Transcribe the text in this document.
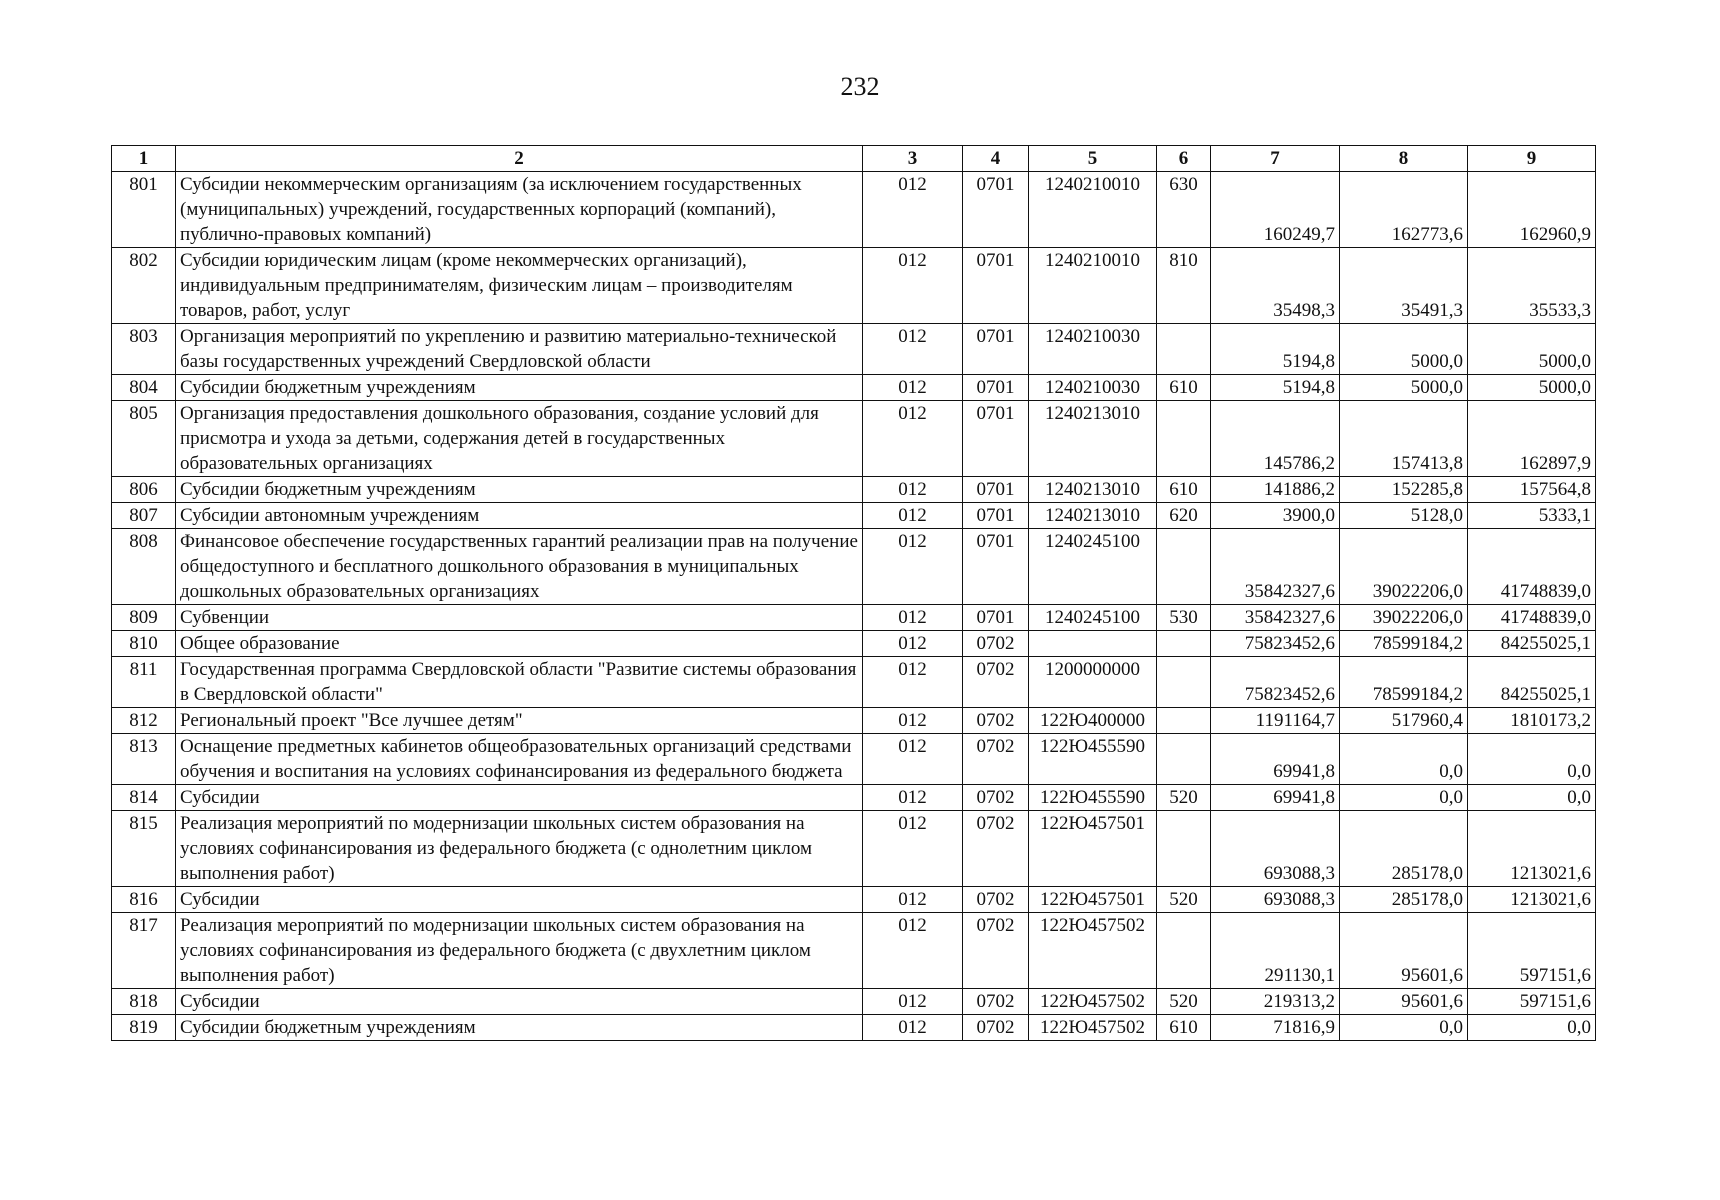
232
1	2	3	4	5	6	7	8	9
801	Субсидии некоммерческим организациям (за исключением государственных (муниципальных) учреждений, государственных корпораций (компаний), публично-правовых компаний)	012	0701	1240210010	630	160249,7	162773,6	162960,9
802	Субсидии юридическим лицам (кроме некоммерческих организаций), индивидуальным предпринимателям, физическим лицам – производителям товаров, работ, услуг	012	0701	1240210010	810	35498,3	35491,3	35533,3
803	Организация мероприятий по укреплению и развитию материально-технической базы государственных учреждений Свердловской области	012	0701	1240210030		5194,8	5000,0	5000,0
804	Субсидии бюджетным учреждениям	012	0701	1240210030	610	5194,8	5000,0	5000,0
805	Организация предоставления дошкольного образования, создание условий для присмотра и ухода за детьми, содержания детей в государственных образовательных организациях	012	0701	1240213010		145786,2	157413,8	162897,9
806	Субсидии бюджетным учреждениям	012	0701	1240213010	610	141886,2	152285,8	157564,8
807	Субсидии автономным учреждениям	012	0701	1240213010	620	3900,0	5128,0	5333,1
808	Финансовое обеспечение государственных гарантий реализации прав на получение общедоступного и бесплатного дошкольного образования в муниципальных дошкольных образовательных организациях	012	0701	1240245100		35842327,6	39022206,0	41748839,0
809	Субвенции	012	0701	1240245100	530	35842327,6	39022206,0	41748839,0
810	Общее образование	012	0702			75823452,6	78599184,2	84255025,1
811	Государственная программа Свердловской области "Развитие системы образования в Свердловской области"	012	0702	1200000000		75823452,6	78599184,2	84255025,1
812	Региональный проект "Все лучшее детям"	012	0702	122Ю400000		1191164,7	517960,4	1810173,2
813	Оснащение предметных кабинетов общеобразовательных организаций средствами обучения и воспитания на условиях софинансирования из федерального бюджета	012	0702	122Ю455590		69941,8	0,0	0,0
814	Субсидии	012	0702	122Ю455590	520	69941,8	0,0	0,0
815	Реализация мероприятий по модернизации школьных систем образования на условиях софинансирования из федерального бюджета (с однолетним циклом выполнения работ)	012	0702	122Ю457501		693088,3	285178,0	1213021,6
816	Субсидии	012	0702	122Ю457501	520	693088,3	285178,0	1213021,6
817	Реализация мероприятий по модернизации школьных систем образования на условиях софинансирования из федерального бюджета (с двухлетним циклом выполнения работ)	012	0702	122Ю457502		291130,1	95601,6	597151,6
818	Субсидии	012	0702	122Ю457502	520	219313,2	95601,6	597151,6
819	Субсидии бюджетным учреждениям	012	0702	122Ю457502	610	71816,9	0,0	0,0
